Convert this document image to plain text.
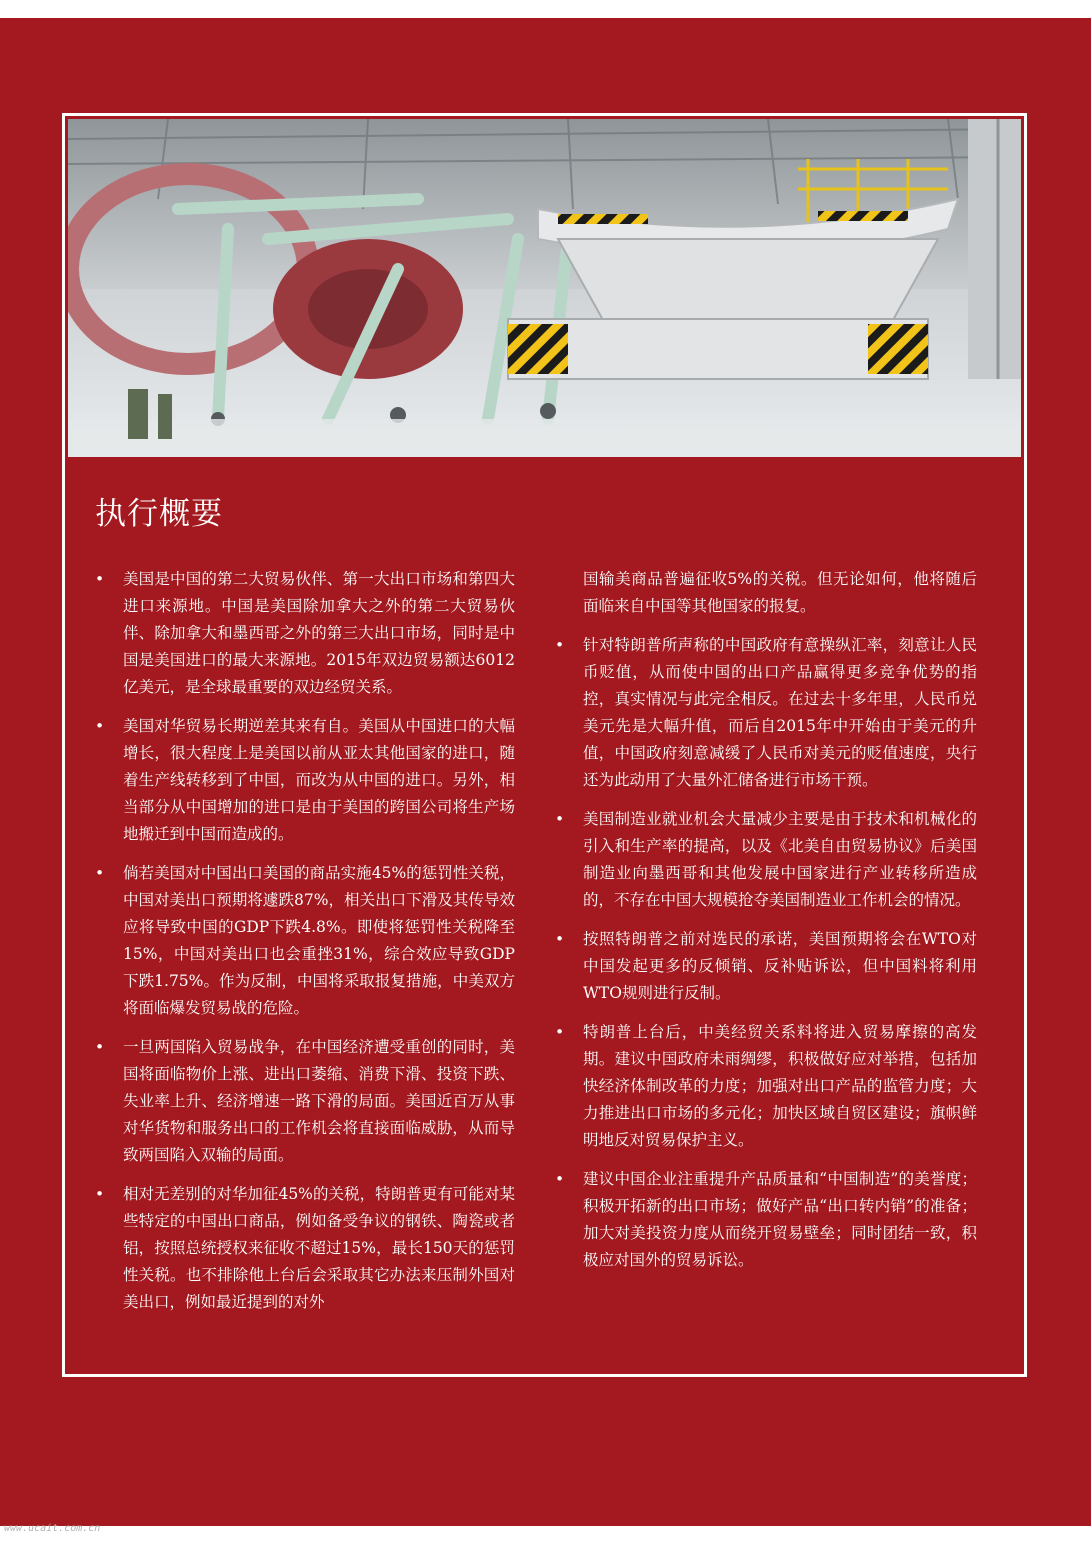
执行概要
• 美国是中国的第二大贸易伙伴、第一大出口市场和第四大进口来源地。中国是美国除加拿大之外的第二大贸易伙伴、除加拿大和墨西哥之外的第三大出口市场，同时是中国是美国进口的最大来源地。2015年双边贸易额达6012亿美元，是全球最重要的双边经贸关系。
• 美国对华贸易长期逆差其来有自。美国从中国进口的大幅增长，很大程度上是美国以前从亚太其他国家的进口，随着生产线转移到了中国，而改为从中国的进口。另外，相当部分从中国增加的进口是由于美国的跨国公司将生产场地搬迁到中国而造成的。
• 倘若美国对中国出口美国的商品实施45%的惩罚性关税，中国对美出口预期将遽跌87%，相关出口下滑及其传导效应将导致中国的GDP下跌4.8%。即使将惩罚性关税降至15%，中国对美出口也会重挫31%，综合效应导致GDP下跌1.75%。作为反制，中国将采取报复措施，中美双方将面临爆发贸易战的危险。
• 一旦两国陷入贸易战争，在中国经济遭受重创的同时，美国将面临物价上涨、进出口萎缩、消费下滑、投资下跌、失业率上升、经济增速一路下滑的局面。美国近百万从事对华货物和服务出口的工作机会将直接面临威胁，从而导致两国陷入双输的局面。
• 相对无差别的对华加征45%的关税，特朗普更有可能对某些特定的中国出口商品，例如备受争议的钢铁、陶瓷或者铝，按照总统授权来征收不超过15%，最长150天的惩罚性关税。也不排除他上台后会采取其它办法来压制外国对美出口，例如最近提到的对外
国输美商品普遍征收5%的关税。但无论如何，他将随后面临来自中国等其他国家的报复。
• 针对特朗普所声称的中国政府有意操纵汇率，刻意让人民币贬值，从而使中国的出口产品赢得更多竞争优势的指控，真实情况与此完全相反。在过去十多年里，人民币兑美元先是大幅升值，而后自2015年中开始由于美元的升值，中国政府刻意减缓了人民币对美元的贬值速度，央行还为此动用了大量外汇储备进行市场干预。
• 美国制造业就业机会大量减少主要是由于技术和机械化的引入和生产率的提高，以及《北美自由贸易协议》后美国制造业向墨西哥和其他发展中国家进行产业转移所造成的，不存在中国大规模抢夺美国制造业工作机会的情况。
• 按照特朗普之前对选民的承诺，美国预期将会在WTO对中国发起更多的反倾销、反补贴诉讼，但中国料将利用WTO规则进行反制。
• 特朗普上台后，中美经贸关系料将进入贸易摩擦的高发期。建议中国政府未雨绸缪，积极做好应对举措，包括加快经济体制改革的力度；加强对出口产品的监管力度；大力推进出口市场的多元化；加快区域自贸区建设；旗帜鲜明地反对贸易保护主义。
• 建议中国企业注重提升产品质量和“中国制造”的美誉度；积极开拓新的出口市场；做好产品“出口转内销”的准备；加大对美投资力度从而绕开贸易壁垒；同时团结一致，积极应对国外的贸易诉讼。
www.ucait.com.cn
